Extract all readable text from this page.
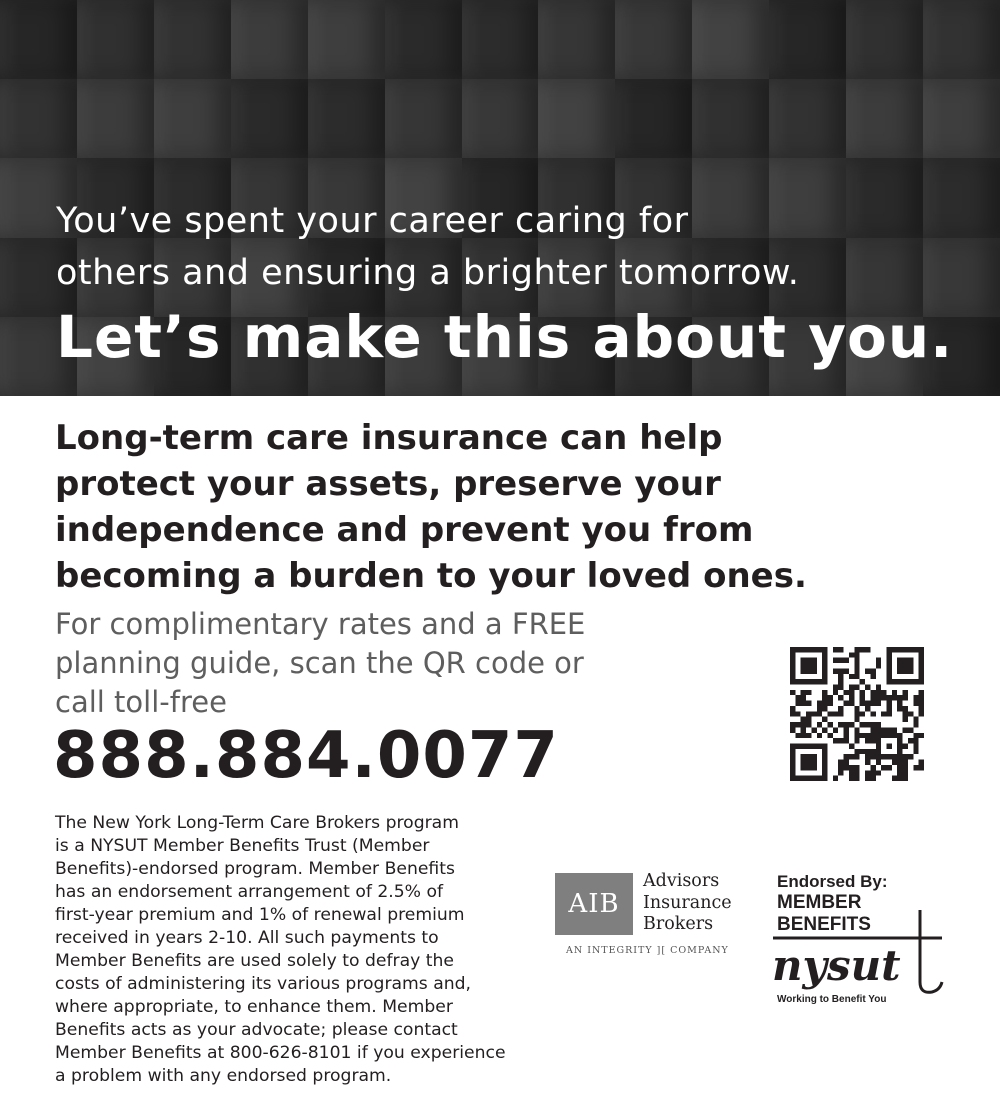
You’ve spent your career caring for
others and ensuring a brighter tomorrow.
Let’s make this about you.
Long-term care insurance can help
protect your assets, preserve your
independence and prevent you from
becoming a burden to your loved ones.
For complimentary rates and a FREE
planning guide, scan the QR code or
call toll-free
888.884.0077
The New York Long-Term Care Brokers program
is a NYSUT Member Benefits Trust (Member
Benefits)-endorsed program. Member Benefits
has an endorsement arrangement of 2.5% of
first-year premium and 1% of renewal premium
received in years 2-10. All such payments to
Member Benefits are used solely to defray the
costs of administering its various programs and,
where appropriate, to enhance them. Member
Benefits acts as your advocate; please contact
Member Benefits at 800-626-8101 if you experience
a problem with any endorsed program.
AIB
Advisors
Insurance
Brokers
AN INTEGRITY ][ COMPANY
Endorsed By:
MEMBER
BENEFITS
nysut
Working to Benefit You
